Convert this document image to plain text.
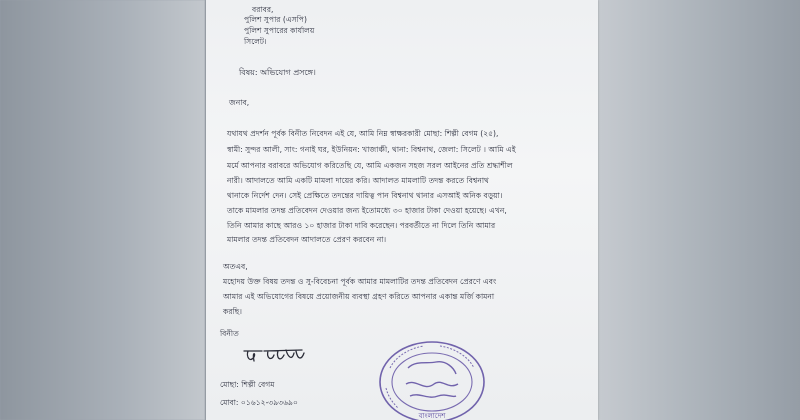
বরাবর,
পুলিশ সুপার (এসপি)
পুলিশ সুপারের কার্যালয়
সিলেট।
বিষয়: অভিযোগ প্রসঙ্গে।
জনাব,
যথাযথ প্রদর্শন পূর্বক বিনীত নিবেদন এই যে, আমি নিম্ন স্বাক্ষরকারী মোছা: শিল্পী বেগম (২৫),
স্বামী: সুন্দর আলী, সাং: গনাই ঘর, ইউনিয়ন: খাজাঞ্চী, থানা: বিশ্বনাথ, জেলা: সিলেট । আমি এই
মর্মে আপনার বরাবরে অভিযোগ করিতেছি যে, আমি একজন সহজ সরল আইনের প্রতি শ্রদ্ধাশীল
নারী। আদালতে আমি একটি মামলা দায়ের করি। আদালত মামলাটি তদন্ত করতে বিশ্বনাথ
থানাকে নির্দেশ দেন। সেই প্রেক্ষিতে তদন্তের দায়িত্ব পান বিশ্বনাথ থানার এসআই অনিক বড়ুয়া।
তাকে মামলার তদন্ত প্রতিবেদন দেওয়ার জন্য ইতোমধ্যে ৩০ হাজার টাকা দেওয়া হয়েছে। এখন,
তিনি আমার কাছে আরও ১০ হাজার টাকা দাবি করেছেন। পরবর্তীতে না দিলে তিনি আমার
মামলার তদন্ত প্রতিবেদন আদালতে প্রেরণ করবেন না।
অতএব,
মহোদয় উক্ত বিষয় তদন্ত ও সু-বিবেচনা পূর্বক আমার মামলাটির তদন্ত প্রতিবেদন প্রেরণে এবং
আমার এই অভিযোগের বিষয়ে প্রয়োজনীয় ব্যবস্থা গ্রহণ করিতে আপনার একান্ত মর্জি কামনা
করছি।
বিনীত
মোছা: শিল্পী বেগম
মোবা: ০১৬১২-৩৯৩৬৯০
বাংলাদেশ
